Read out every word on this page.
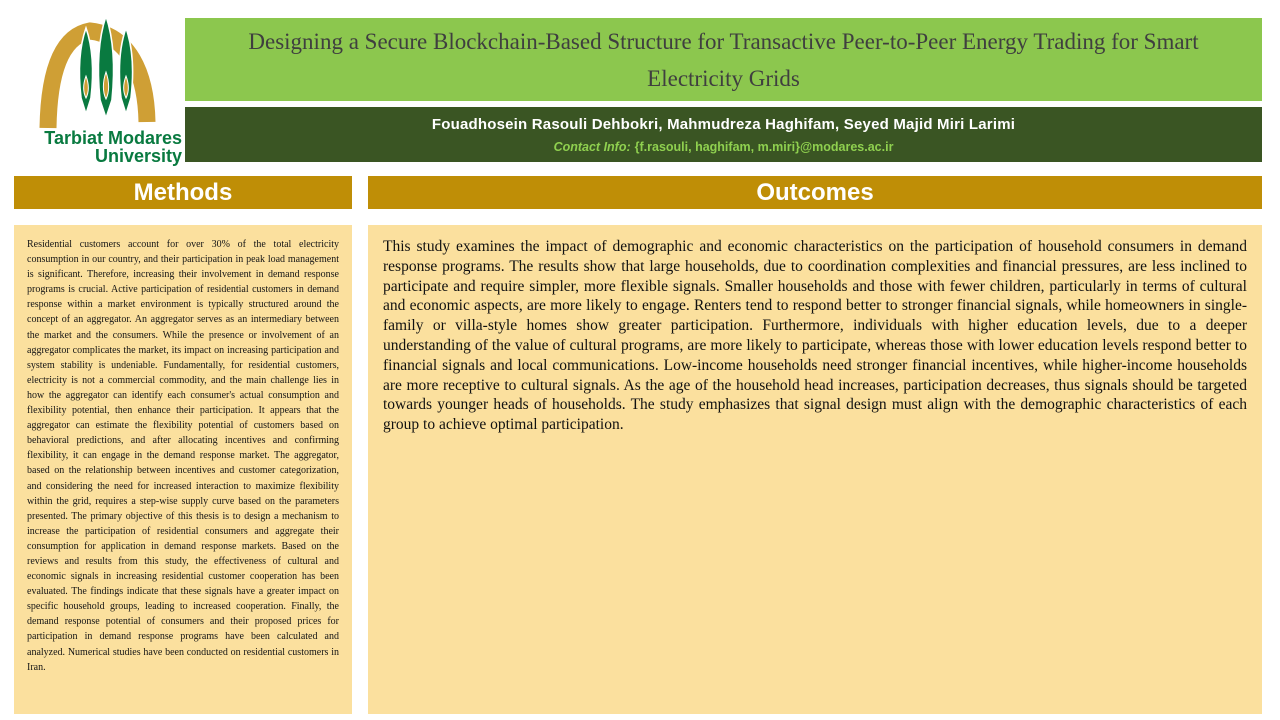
Tarbiat Modares
University
Designing a Secure Blockchain-Based Structure for Transactive Peer-to-Peer Energy Trading for Smart Electricity Grids
Fouadhosein Rasouli Dehbokri, Mahmudreza Haghifam, Seyed Majid Miri Larimi
Contact Info: {f.rasouli, haghifam, m.miri}@modares.ac.ir
Methods
Residential customers account for over 30% of the total electricity consumption in our country, and their participation in peak load management is significant. Therefore, increasing their involvement in demand response programs is crucial. Active participation of residential customers in demand response within a market environment is typically structured around the concept of an aggregator. An aggregator serves as an intermediary between the market and the consumers. While the presence or involvement of an aggregator complicates the market, its impact on increasing participation and system stability is undeniable. Fundamentally, for residential customers, electricity is not a commercial commodity, and the main challenge lies in how the aggregator can identify each consumer's actual consumption and flexibility potential, then enhance their participation. It appears that the aggregator can estimate the flexibility potential of customers based on behavioral predictions, and after allocating incentives and confirming flexibility, it can engage in the demand response market. The aggregator, based on the relationship between incentives and customer categorization, and considering the need for increased interaction to maximize flexibility within the grid, requires a step-wise supply curve based on the parameters presented. The primary objective of this thesis is to design a mechanism to increase the participation of residential consumers and aggregate their consumption for application in demand response markets. Based on the reviews and results from this study, the effectiveness of cultural and economic signals in increasing residential customer cooperation has been evaluated. The findings indicate that these signals have a greater impact on specific household groups, leading to increased cooperation. Finally, the demand response potential of consumers and their proposed prices for participation in demand response programs have been calculated and analyzed. Numerical studies have been conducted on residential customers in Iran.
Outcomes
This study examines the impact of demographic and economic characteristics on the participation of household consumers in demand response programs. The results show that large households, due to coordination complexities and financial pressures, are less inclined to participate and require simpler, more flexible signals. Smaller households and those with fewer children, particularly in terms of cultural and economic aspects, are more likely to engage. Renters tend to respond better to stronger financial signals, while homeowners in single-family or villa-style homes show greater participation. Furthermore, individuals with higher education levels, due to a deeper understanding of the value of cultural programs, are more likely to participate, whereas those with lower education levels respond better to financial signals and local communications. Low-income households need stronger financial incentives, while higher-income households are more receptive to cultural signals. As the age of the household head increases, participation decreases, thus signals should be targeted towards younger heads of households. The study emphasizes that signal design must align with the demographic characteristics of each group to achieve optimal participation.
